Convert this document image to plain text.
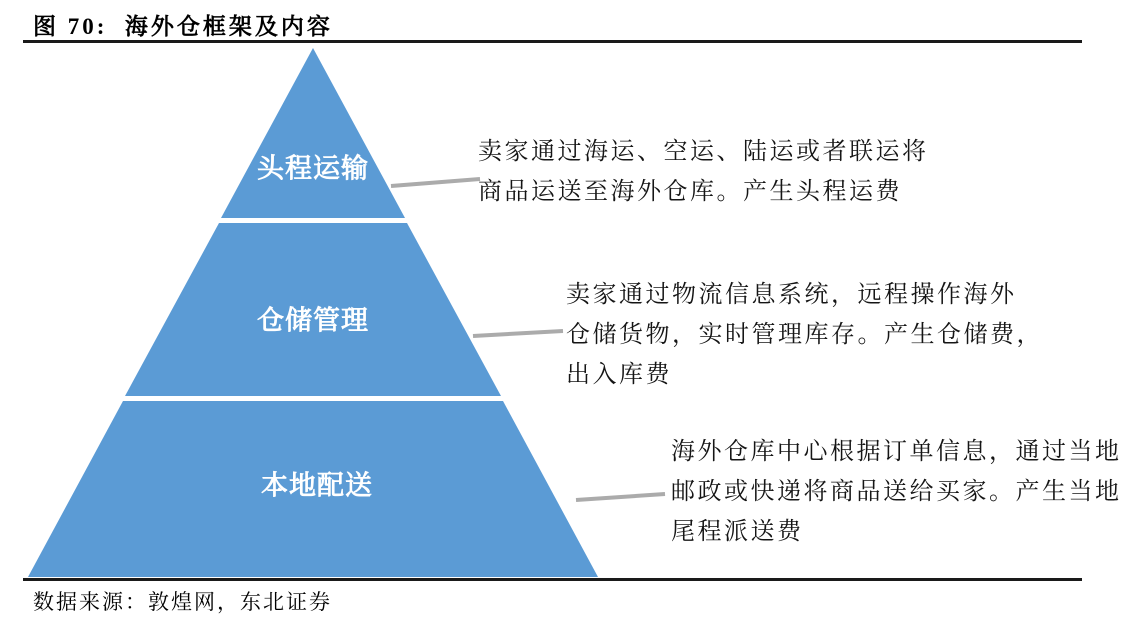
图 70:  海外仓框架及内容
头程运输
仓储管理
本地配送
卖家通过海运、空运、陆运或者联运将
商品运送至海外仓库。产生头程运费
卖家通过物流信息系统，远程操作海外
仓储货物，实时管理库存。产生仓储费，
出入库费
海外仓库中心根据订单信息，通过当地
邮政或快递将商品送给买家。产生当地
尾程派送费
数据来源：敦煌网，东北证券
